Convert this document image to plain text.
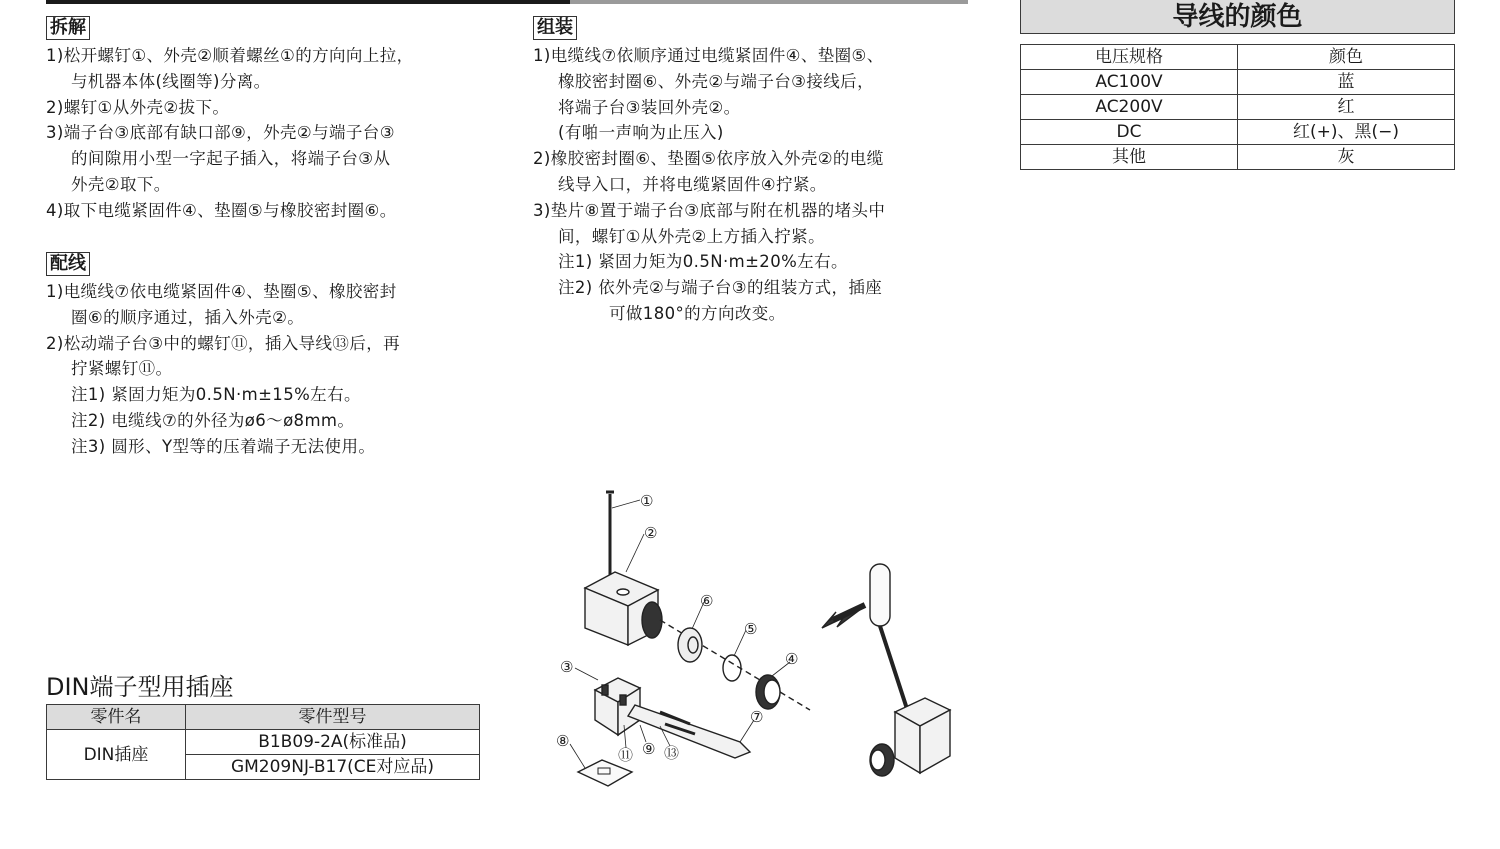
拆解
1)松开螺钉①、外壳②顺着螺丝①的方向向上拉，
与机器本体(线圈等)分离。
2)螺钉①从外壳②拔下。
3)端子台③底部有缺口部⑨，外壳②与端子台③
的间隙用小型一字起子插入，将端子台③从
外壳②取下。
4)取下电缆紧固件④、垫圈⑤与橡胶密封圈⑥。
配线
1)电缆线⑦依电缆紧固件④、垫圈⑤、橡胶密封
圈⑥的顺序通过，插入外壳②。
2)松动端子台③中的螺钉⑪，插入导线⑬后，再
拧紧螺钉⑪。
注1) 紧固力矩为0.5N·m±15%左右。
注2) 电缆线⑦的外径为ø6〜ø8mm。
注3) 圆形、Y型等的压着端子无法使用。
组装
1)电缆线⑦依顺序通过电缆紧固件④、垫圈⑤、
橡胶密封圈⑥、外壳②与端子台③接线后，
将端子台③装回外壳②。
(有啪一声响为止压入)
2)橡胶密封圈⑥、垫圈⑤依序放入外壳②的电缆
线导入口，并将电缆紧固件④拧紧。
3)垫片⑧置于端子台③底部与附在机器的堵头中
间，螺钉①从外壳②上方插入拧紧。
注1) 紧固力矩为0.5N·m±20%左右。
注2) 依外壳②与端子台③的组装方式，插座
可做180°的方向改变。
导线的颜色
电压规格	颜色
AC100V	蓝
AC200V	红
DC	红(+)、黑(−)
其他	灰
DIN端子型用插座
零件名	零件型号
DIN插座	B1B09-2A(标准品)
	GM209NJ-B17(CE对应品)
①
②
③	④
⑤
⑥
⑦
⑧	⑨
⑪ ⑬
